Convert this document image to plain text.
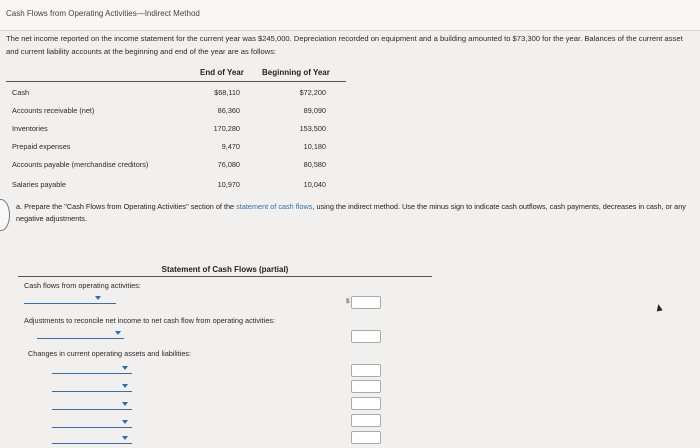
Cash Flows from Operating Activities—Indirect Method
The net income reported on the income statement for the current year was $245,000. Depreciation recorded on equipment and a building amounted to $73,300 for the year. Balances of the current asset and current liability accounts at the beginning and end of the year are as follows:
End of Year Beginning of Year
Cash	$68,110	$72,200
Accounts receivable (net)	86,360	89,090
Inventories	170,280	153,500
Prepaid expenses	9,470	10,180
Accounts payable (merchandise creditors)	76,080	80,580
Salaries payable	10,970	10,040
a. Prepare the "Cash Flows from Operating Activities" section of the statement of cash flows, using the indirect method. Use the minus sign to indicate cash outflows, cash payments, decreases in cash, or any negative adjustments.
Statement of Cash Flows (partial)
Cash flows from operating activities:
$
Adjustments to reconcile net income to net cash flow from operating activities:
Changes in current operating assets and liabilities:
